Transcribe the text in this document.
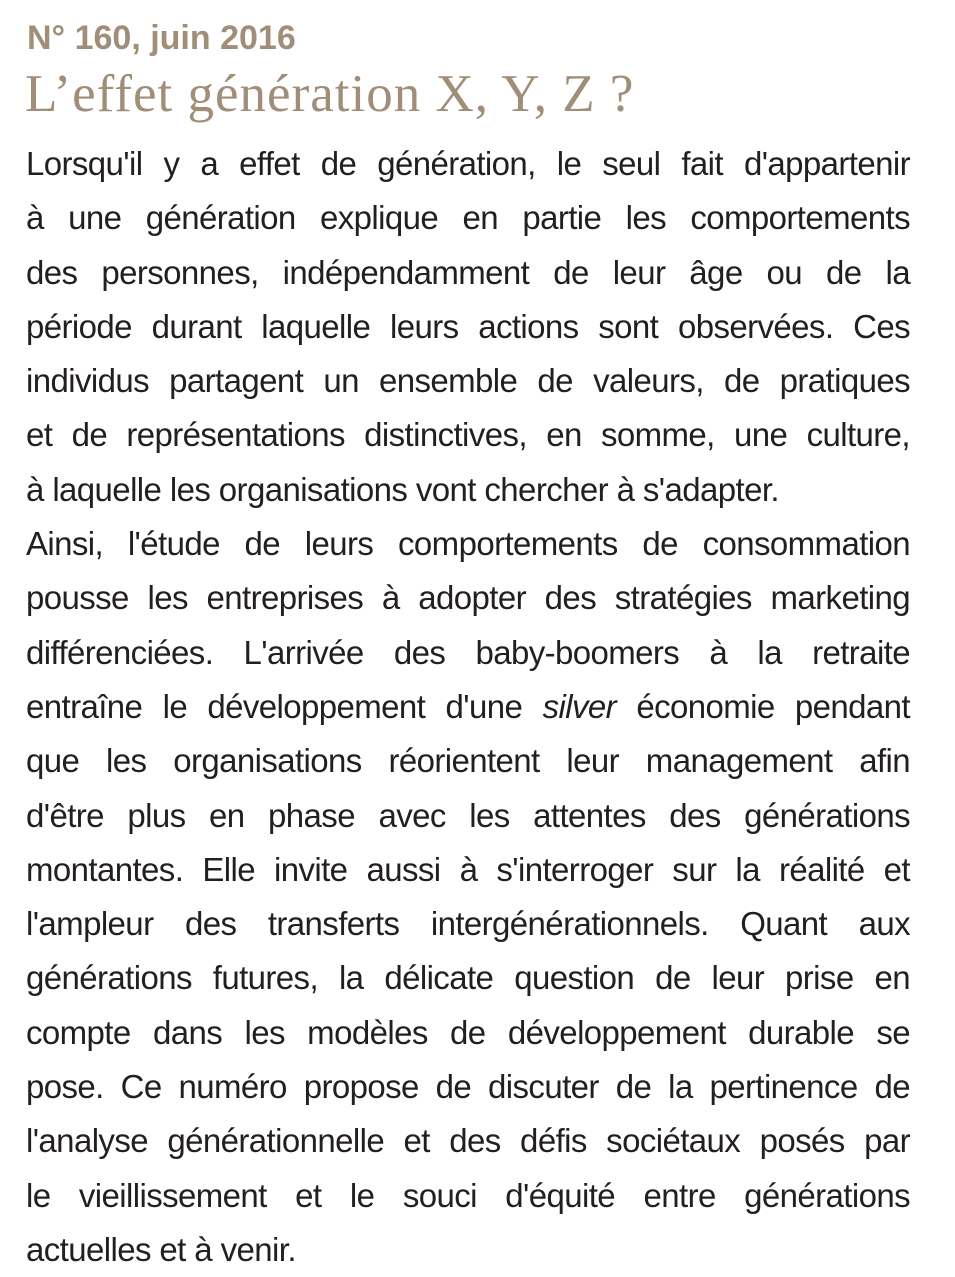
N° 160, juin 2016
L’effet génération X, Y, Z ?
Lorsqu'il y a effet de génération, le seul fait d'appartenir
à une génération explique en partie les comportements
des personnes, indépendamment de leur âge ou de la
période durant laquelle leurs actions sont observées. Ces
individus partagent un ensemble de valeurs, de pratiques
et de représentations distinctives, en somme, une culture,
à laquelle les organisations vont chercher à s'adapter.
Ainsi, l'étude de leurs comportements de consommation
pousse les entreprises à adopter des stratégies marketing
différenciées. L'arrivée des baby-boomers à la retraite
entraîne le développement d'une silver économie pendant
que les organisations réorientent leur management afin
d'être plus en phase avec les attentes des générations
montantes. Elle invite aussi à s'interroger sur la réalité et
l'ampleur des transferts intergénérationnels. Quant aux
générations futures, la délicate question de leur prise en
compte dans les modèles de développement durable se
pose. Ce numéro propose de discuter de la pertinence de
l'analyse générationnelle et des défis sociétaux posés par
le vieillissement et le souci d'équité entre générations
actuelles et à venir.
